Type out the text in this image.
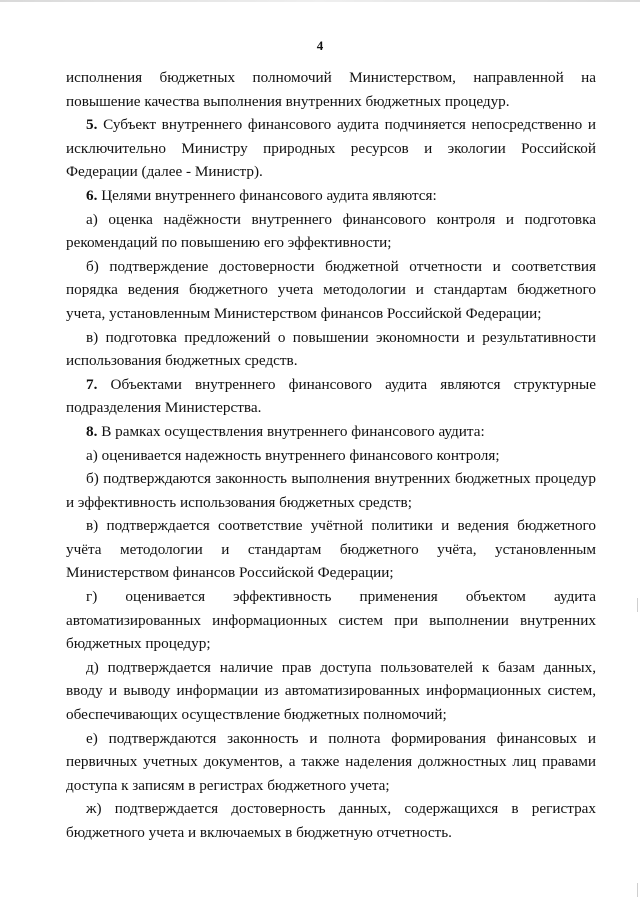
4

исполнения бюджетных полномочий Министерством, направленной на повышение качества выполнения внутренних бюджетных процедур.

5. Субъект внутреннего финансового аудита подчиняется непосредственно и исключительно Министру природных ресурсов и экологии Российской Федерации (далее - Министр).

6. Целями внутреннего финансового аудита являются:

а) оценка надёжности внутреннего финансового контроля и подготовка рекомендаций по повышению его эффективности;

б) подтверждение достоверности бюджетной отчетности и соответствия порядка ведения бюджетного учета методологии и стандартам бюджетного учета, установленным Министерством финансов Российской Федерации;

в) подготовка предложений о повышении экономности и результативности использования бюджетных средств.

7. Объектами внутреннего финансового аудита являются структурные подразделения Министерства.

8. В рамках осуществления внутреннего финансового аудита:

а) оценивается надежность внутреннего финансового контроля;

б) подтверждаются законность выполнения внутренних бюджетных процедур и эффективность использования бюджетных средств;

в) подтверждается соответствие учётной политики и ведения бюджетного учёта методологии и стандартам бюджетного учёта, установленным Министерством финансов Российской Федерации;

г) оценивается эффективность применения объектом аудита автоматизированных информационных систем при выполнении внутренних бюджетных процедур;

д) подтверждается наличие прав доступа пользователей к базам данных, вводу и выводу информации из автоматизированных информационных систем, обеспечивающих осуществление бюджетных полномочий;

е) подтверждаются законность и полнота формирования финансовых и первичных учетных документов, а также наделения должностных лиц правами доступа к записям в регистрах бюджетного учета;

ж) подтверждается достоверность данных, содержащихся в регистрах бюджетного учета и включаемых в бюджетную отчетность.
